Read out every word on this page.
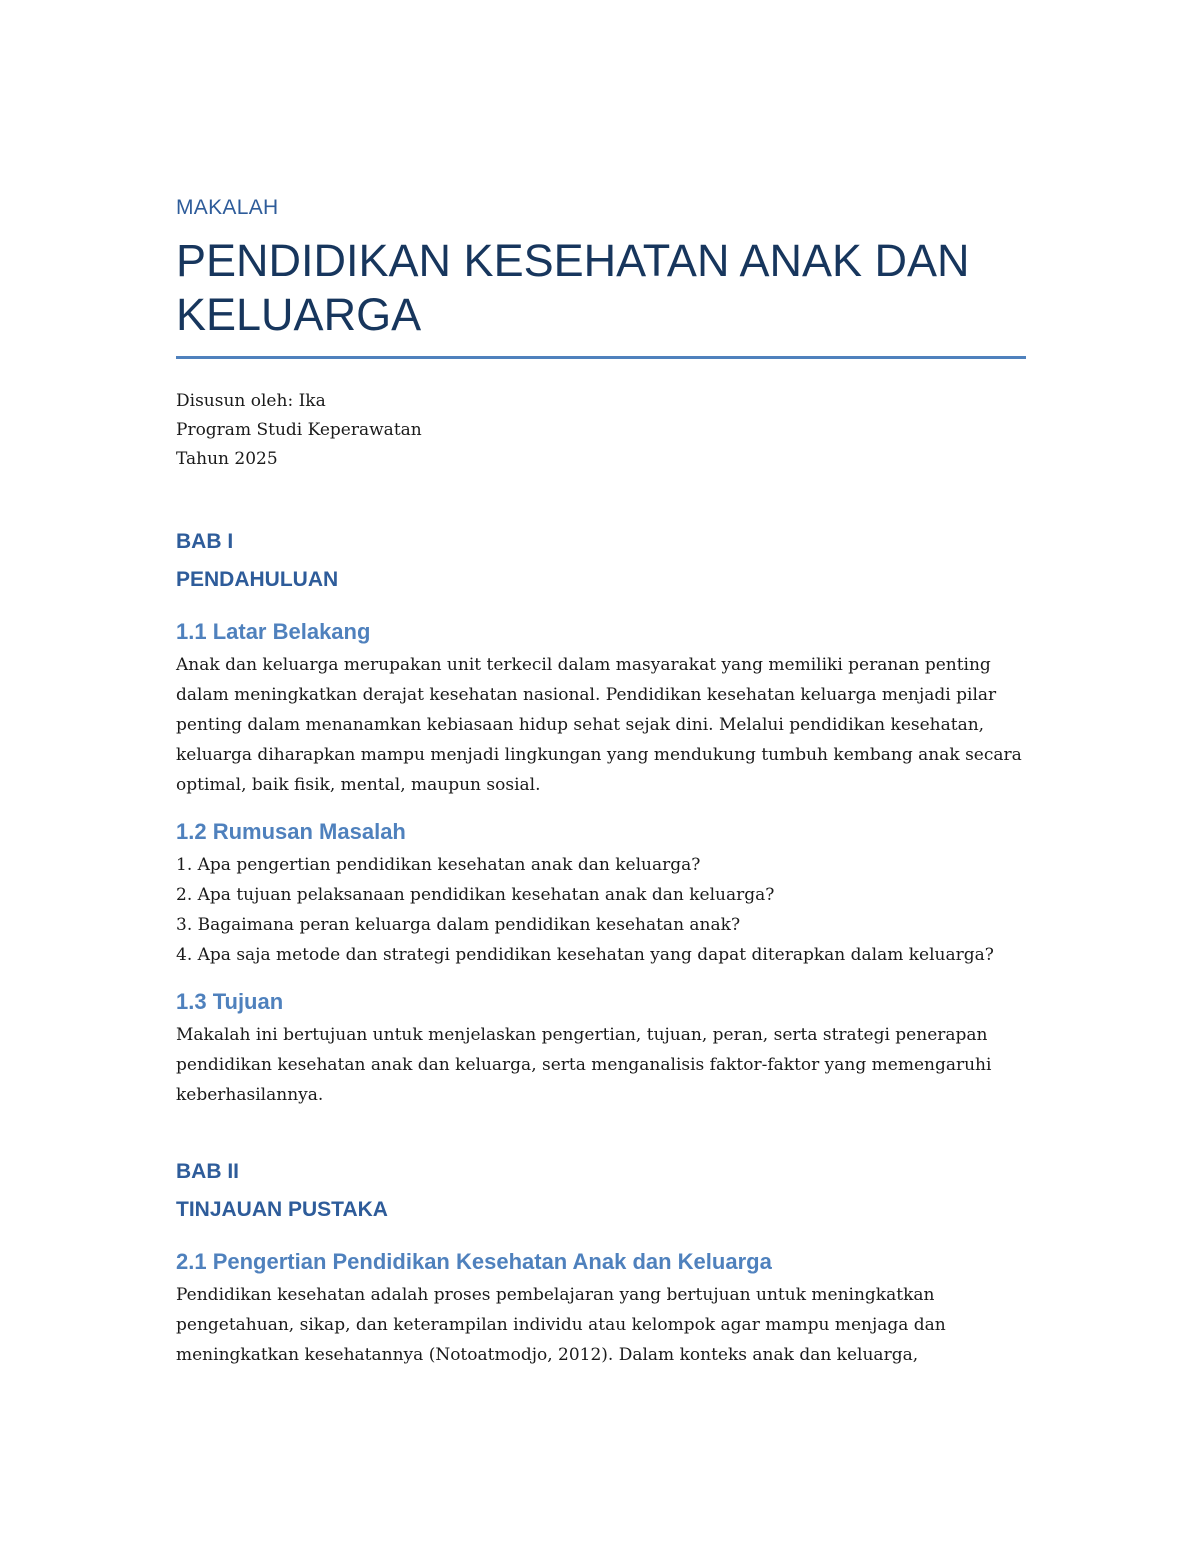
MAKALAH

PENDIDIKAN KESEHATAN ANAK DAN
KELUARGA
Disusun oleh: Ika
Program Studi Keperawatan
Tahun 2025

BAB I

PENDAHULUAN

1.1 Latar Belakang

Anak dan keluarga merupakan unit terkecil dalam masyarakat yang memiliki peranan penting dalam meningkatkan derajat kesehatan nasional. Pendidikan kesehatan keluarga menjadi pilar penting dalam menanamkan kebiasaan hidup sehat sejak dini. Melalui pendidikan kesehatan, keluarga diharapkan mampu menjadi lingkungan yang mendukung tumbuh kembang anak secara optimal, baik fisik, mental, maupun sosial.

1.2 Rumusan Masalah

1. Apa pengertian pendidikan kesehatan anak dan keluarga?

2. Apa tujuan pelaksanaan pendidikan kesehatan anak dan keluarga?

3. Bagaimana peran keluarga dalam pendidikan kesehatan anak?

4. Apa saja metode dan strategi pendidikan kesehatan yang dapat diterapkan dalam keluarga?

1.3 Tujuan

Makalah ini bertujuan untuk menjelaskan pengertian, tujuan, peran, serta strategi penerapan pendidikan kesehatan anak dan keluarga, serta menganalisis faktor-faktor yang memengaruhi keberhasilannya.

BAB II

TINJAUAN PUSTAKA

2.1 Pengertian Pendidikan Kesehatan Anak dan Keluarga

Pendidikan kesehatan adalah proses pembelajaran yang bertujuan untuk meningkatkan pengetahuan, sikap, dan keterampilan individu atau kelompok agar mampu menjaga dan meningkatkan kesehatannya (Notoatmodjo, 2012). Dalam konteks anak dan keluarga,
